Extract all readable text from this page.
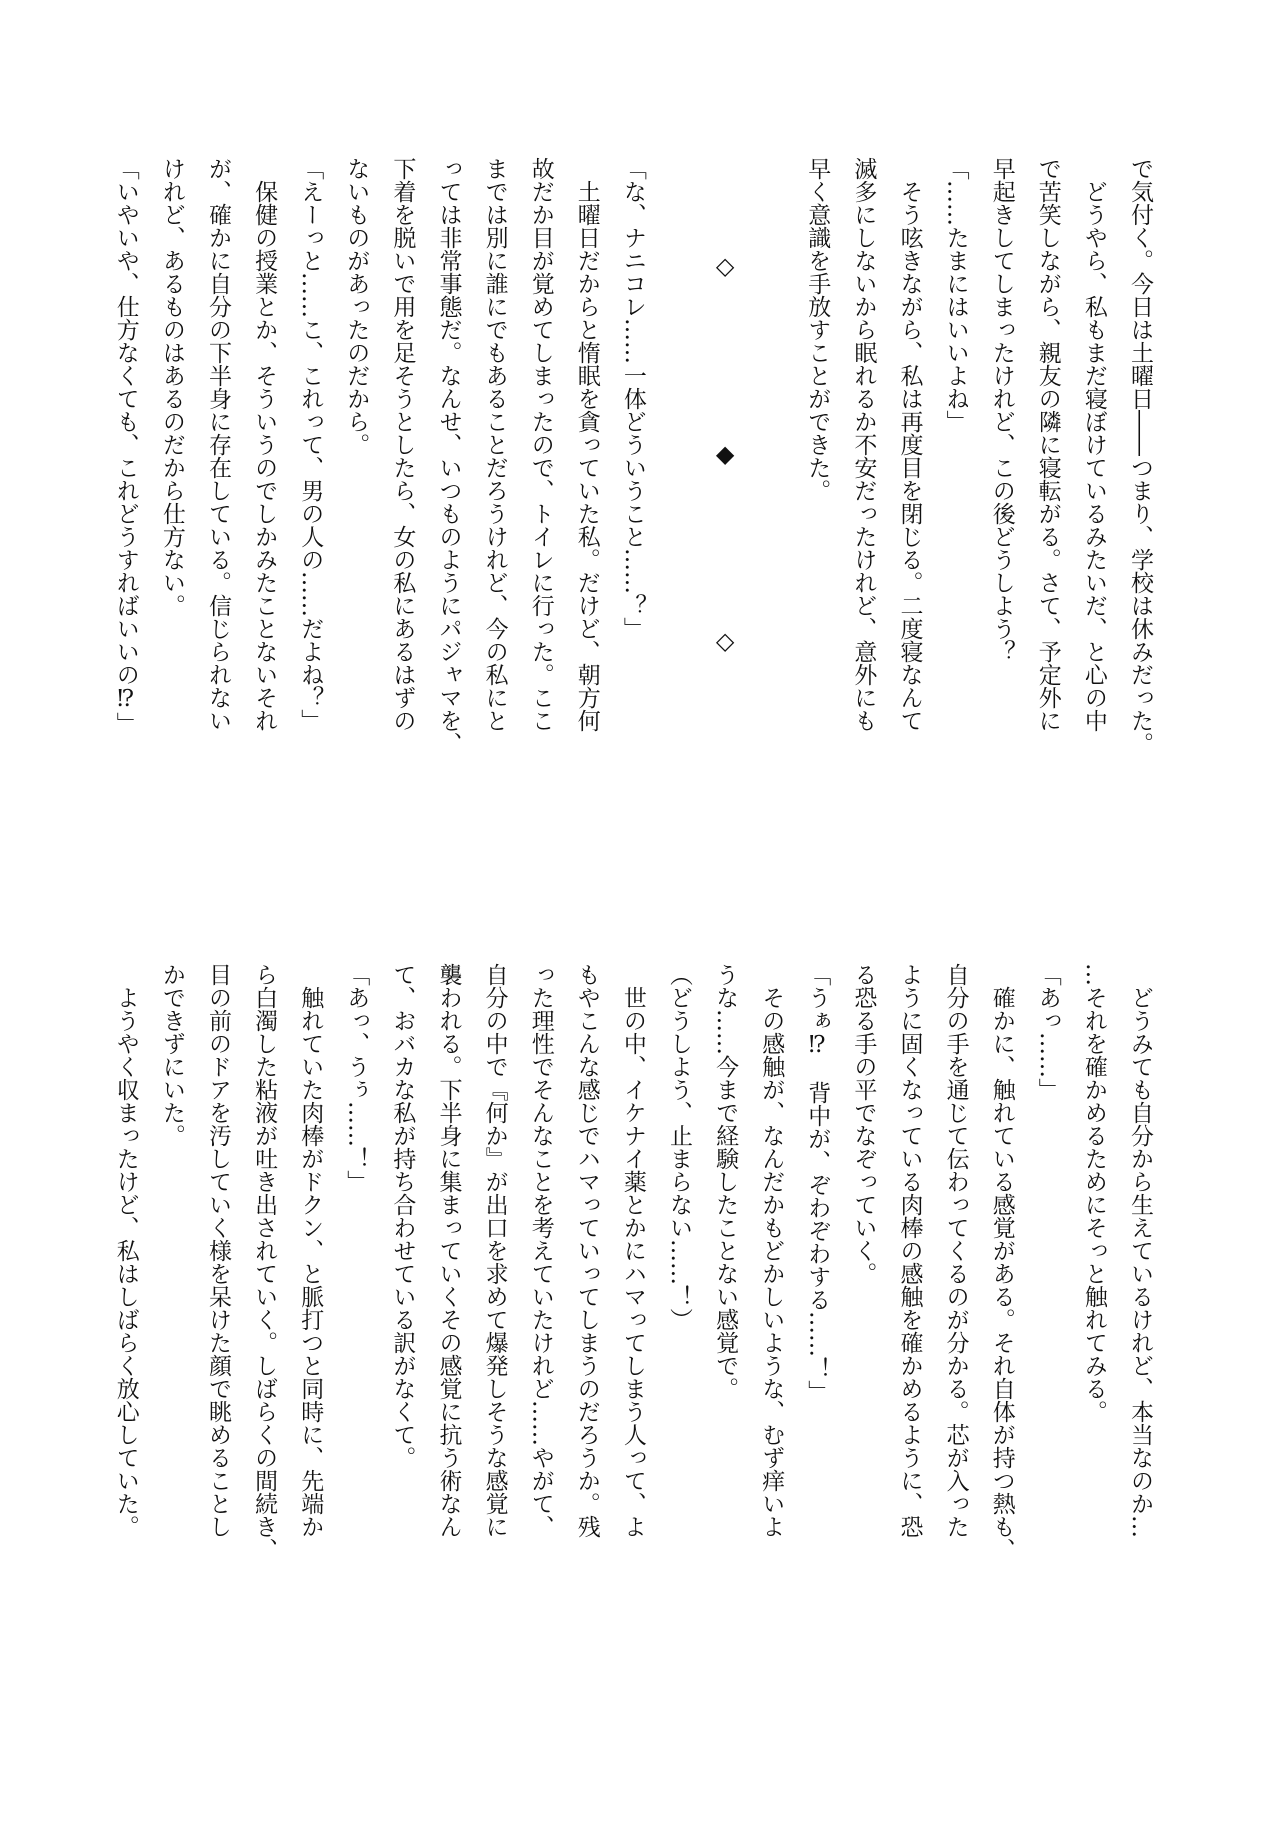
で気付く。今日は土曜日――つまり、学校は休みだった。
どうやら、私もまだ寝ぼけているみたいだ、と心の中
で苦笑しながら、親友の隣に寝転がる。さて、予定外に
早起きしてしまったけれど、この後どうしよう？
「……たまにはいいよね」
そう呟きながら、私は再度目を閉じる。二度寝なんて
滅多にしないから眠れるか不安だったけれど、意外にも
早く意識を手放すことができた。
◇
◆
◇
「な、ナニコレ……一体どういうこと……？」
土曜日だからと惰眠を貪っていた私。だけど、朝方何
故だか目が覚めてしまったので、トイレに行った。ここ
までは別に誰にでもあることだろうけれど、今の私にと
っては非常事態だ。なんせ、いつものようにパジャマを、
下着を脱いで用を足そうとしたら、女の私にあるはずの
ないものがあったのだから。
「えーっと……こ、これって、男の人の……だよね？」
保健の授業とか、そういうのでしかみたことないそれ
が、確かに自分の下半身に存在している。信じられない
けれど、あるものはあるのだから仕方ない。
「いやいや、仕方なくても、これどうすればいいの⁉」
どうみても自分から生えているけれど、本当なのか…
…それを確かめるためにそっと触れてみる。
「あっ……」
確かに、触れている感覚がある。それ自体が持つ熱も、
自分の手を通じて伝わってくるのが分かる。芯が入った
ように固くなっている肉棒の感触を確かめるように、恐
る恐る手の平でなぞっていく。
「うぁ⁉　背中が、ぞわぞわする……！」
その感触が、なんだかもどかしいような、むず痒いよ
うな……今まで経験したことない感覚で。
（どうしよう、止まらない……！）
世の中、イケナイ薬とかにハマってしまう人って、よ
もやこんな感じでハマっていってしまうのだろうか。残
った理性でそんなことを考えていたけれど……やがて、
自分の中で『何か』が出口を求めて爆発しそうな感覚に
襲われる。下半身に集まっていくその感覚に抗う術なん
て、おバカな私が持ち合わせている訳がなくて。
「あっ、うぅ……！」
触れていた肉棒がドクン、と脈打つと同時に、先端か
ら白濁した粘液が吐き出されていく。しばらくの間続き、
目の前のドアを汚していく様を呆けた顔で眺めることし
かできずにいた。
ようやく収まったけど、私はしばらく放心していた。
